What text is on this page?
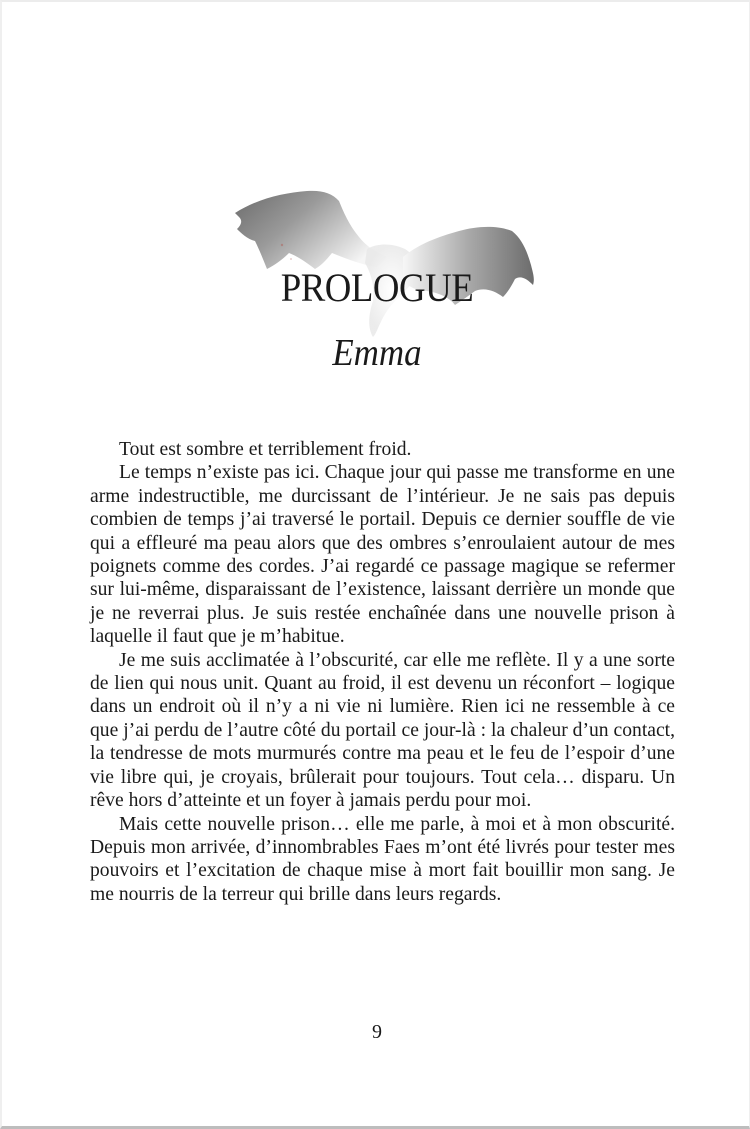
PROLOGUE
Emma

Tout est sombre et terriblement froid.

Le temps n’existe pas ici. Chaque jour qui passe me transforme en une arme indestructible, me durcissant de l’intérieur. Je ne sais pas depuis combien de temps j’ai traversé le portail. Depuis ce dernier souffle de vie qui a effleuré ma peau alors que des ombres s’enroulaient autour de mes poignets comme des cordes. J’ai regardé ce passage magique se refermer sur lui-même, disparaissant de l’existence, laissant derrière un monde que je ne reverrai plus. Je suis restée enchaînée dans une nouvelle prison à laquelle il faut que je m’habitue.

Je me suis acclimatée à l’obscurité, car elle me reflète. Il y a une sorte de lien qui nous unit. Quant au froid, il est devenu un réconfort – logique dans un endroit où il n’y a ni vie ni lumière. Rien ici ne ressemble à ce que j’ai perdu de l’autre côté du portail ce jour-là : la chaleur d’un contact, la tendresse de mots murmurés contre ma peau et le feu de l’espoir d’une vie libre qui, je croyais, brûlerait pour toujours. Tout cela… disparu. Un rêve hors d’atteinte et un foyer à jamais perdu pour moi.

Mais cette nouvelle prison… elle me parle, à moi et à mon obscurité. Depuis mon arrivée, d’innombrables Faes m’ont été livrés pour tester mes pouvoirs et l’excitation de chaque mise à mort fait bouillir mon sang. Je me nourris de la terreur qui brille dans leurs regards.

9
